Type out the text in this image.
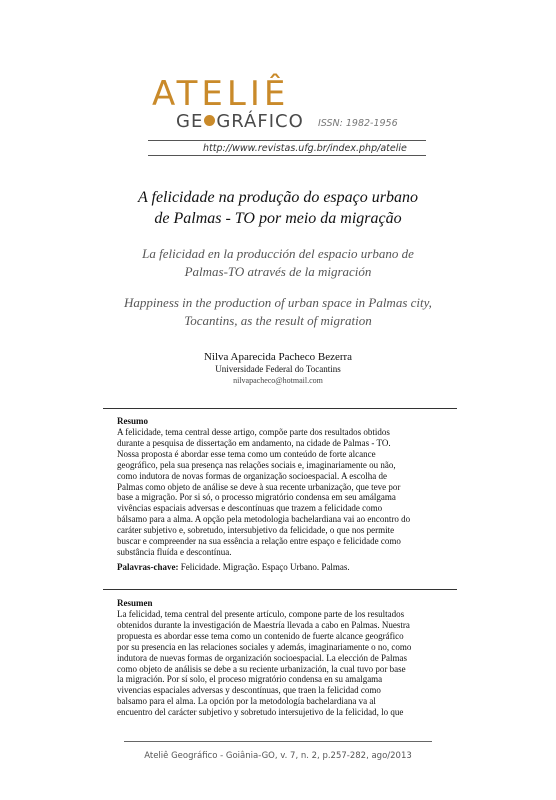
ATELIÊ
GE GRÁFICO ISSN: 1982-1956
http://www.revistas.ufg.br/index.php/atelie
A felicidade na produção do espaço urbano
de Palmas - TO por meio da migração
La felicidad en la producción del espacio urbano de
Palmas-TO através de la migración
Happiness in the production of urban space in Palmas city,
Tocantins, as the result of migration
Nilva Aparecida Pacheco Bezerra
Universidade Federal do Tocantins
nilvapacheco@hotmail.com
Resumo
A felicidade, tema central desse artigo, compõe parte dos resultados obtidos
durante a pesquisa de dissertação em andamento, na cidade de Palmas - TO.
Nossa proposta é abordar esse tema como um conteúdo de forte alcance
geográfico, pela sua presença nas relações sociais e, imaginariamente ou não,
como indutora de novas formas de organização socioespacial. A escolha de
Palmas como objeto de análise se deve à sua recente urbanização, que teve por
base a migração. Por si só, o processo migratório condensa em seu amálgama
vivências espaciais adversas e descontínuas que trazem a felicidade como
bálsamo para a alma. A opção pela metodologia bachelardiana vai ao encontro do
caráter subjetivo e, sobretudo, intersubjetivo da felicidade, o que nos permite
buscar e compreender na sua essência a relação entre espaço e felicidade como
substância fluída e descontínua.
Palavras-chave: Felicidade. Migração. Espaço Urbano. Palmas.
Resumen
La felicidad, tema central del presente artículo, compone parte de los resultados
obtenidos durante la investigación de Maestría llevada a cabo en Palmas. Nuestra
propuesta es abordar esse tema como un contenido de fuerte alcance geográfico
por su presencia en las relaciones sociales y además, imaginariamente o no, como
indutora de nuevas formas de organización socioespacial. La elección de Palmas
como objeto de análisis se debe a su reciente urbanización, la cual tuvo por base
la migración. Por sí solo, el proceso migratório condensa en su amalgama
vivencias espaciales adversas y descontínuas, que traen la felicidad como
balsamo para el alma. La opción por la metodología bachelardiana va al
encuentro del carácter subjetivo y sobretudo intersujetivo de la felicidad, lo que
Ateliê Geográfico - Goiânia-GO, v. 7, n. 2, p.257-282, ago/2013
